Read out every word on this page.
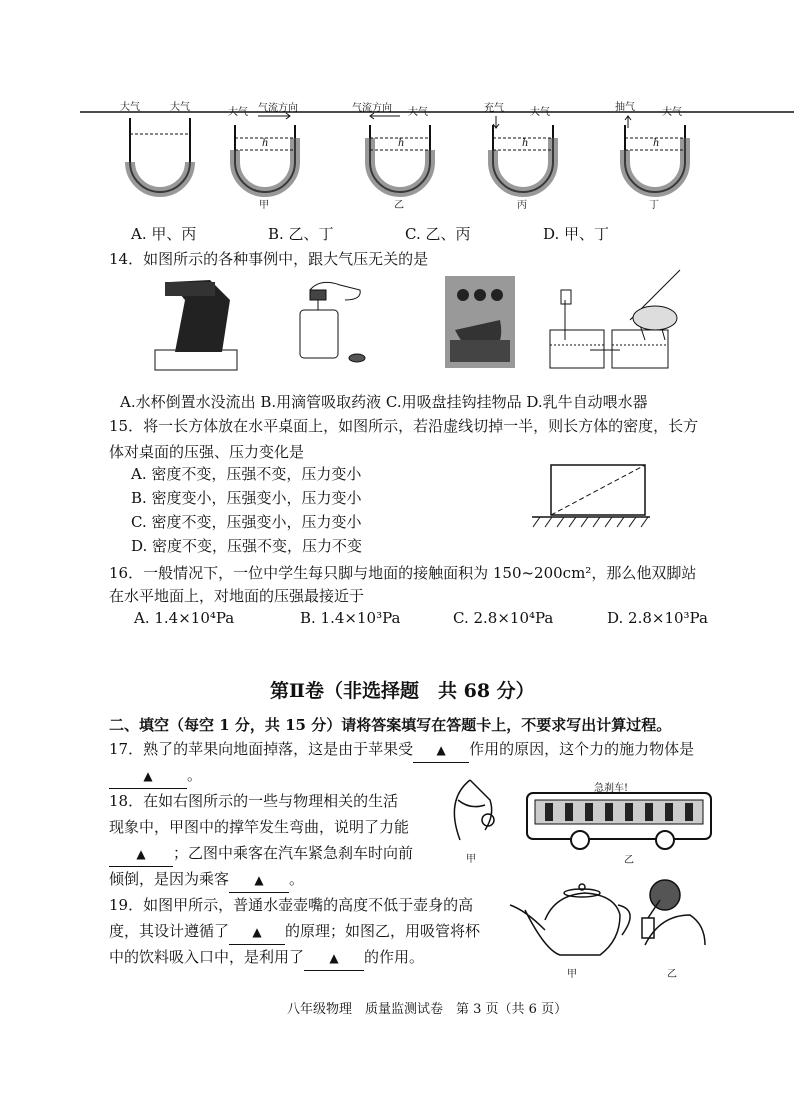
大气	大气	大气 气流方向	气流方向 大气	充气	大气	抽气	大气
h	h	h	h
甲	乙	丙	丁
A. 甲、丙	B. 乙、丁	C. 乙、丙	D. 甲、丁
14．如图所示的各种事例中，跟大气压无关的是
A.水杯倒置水没流出 B.用滴管吸取药液 C.用吸盘挂钩挂物品 D.乳牛自动喂水器
15．将一长方体放在水平桌面上，如图所示，若沿虚线切掉一半，则长方体的密度，长方
体对桌面的压强、压力变化是
A. 密度不变，压强不变，压力变小
B. 密度变小，压强变小，压力变小
C. 密度不变，压强变小，压力变小
D. 密度不变，压强不变，压力不变
16．一般情况下，一位中学生每只脚与地面的接触面积为 150~200cm²，那么他双脚站
在水平地面上，对地面的压强最接近于
A. 1.4×10⁴Pa	B. 1.4×10³Pa	C. 2.8×10⁴Pa	D. 2.8×10³Pa
第Ⅱ卷（非选择题　共 68 分）
二、填空（每空 1 分，共 15 分）请将答案填写在答题卡上，不要求写出计算过程。
17．熟了的苹果向地面掉落，这是由于苹果受 ▲ 作用的原因，这个力的施力物体是
▲ 。
18．在如右图所示的一些与物理相关的生活
现象中，甲图中的撑竿发生弯曲，说明了力能
▲ ；乙图中乘客在汽车紧急刹车时向前
倾倒，是因为乘客 ▲ 。
急刹车!
甲	乙
19．如图甲所示，普通水壶壶嘴的高度不低于壶身的高
度，其设计遵循了 ▲ 的原理；如图乙，用吸管将杯
中的饮料吸入口中，是利用了 ▲ 的作用。
甲	乙
八年级物理　质量监测试卷　第 3 页（共 6 页）
